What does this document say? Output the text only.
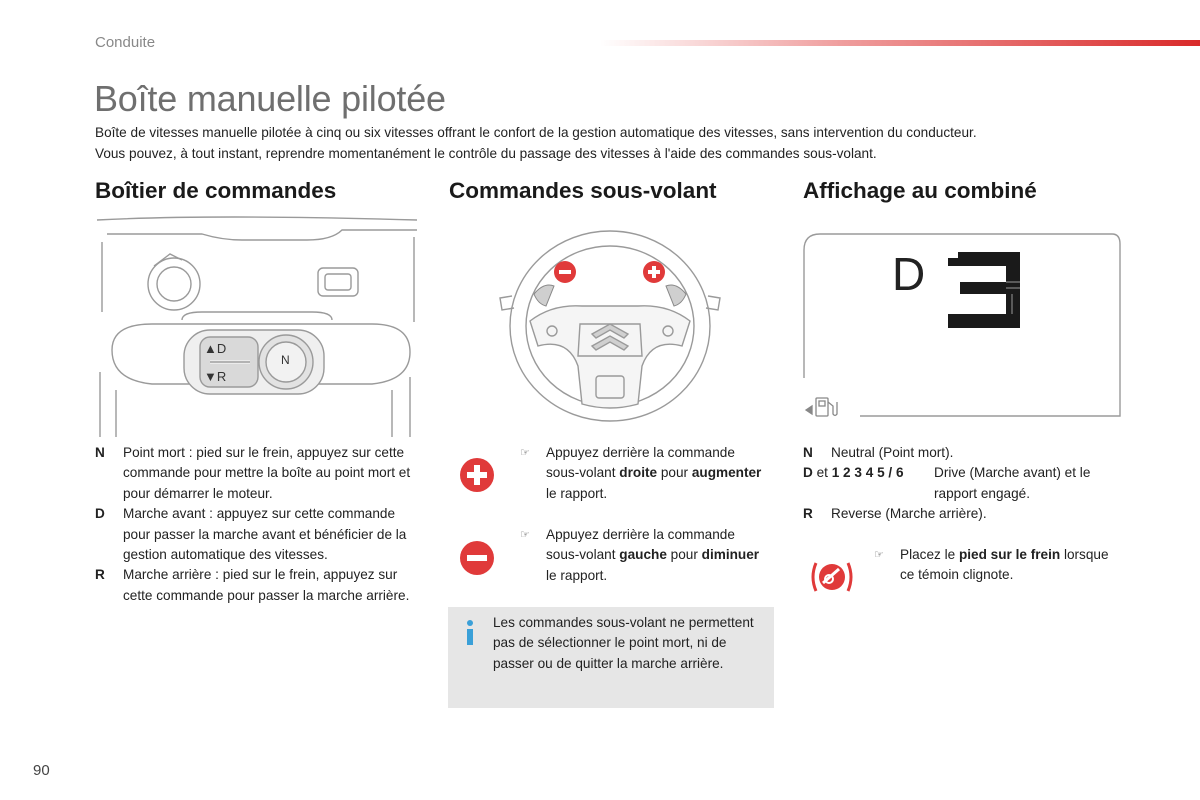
Conduite
Boîte manuelle pilotée

Boîte de vitesses manuelle pilotée à cinq ou six vitesses offrant le confort de la gestion automatique des vitesses, sans intervention du conducteur.

Vous pouvez, à tout instant, reprendre momentanément le contrôle du passage des vitesses à l'aide des commandes sous-volant.

Boîtier de commandes
▲D
▼R
N
N	Point mort : pied sur le frein, appuyez sur cette commande pour mettre la boîte au point mort et pour démarrer le moteur.
D	Marche avant : appuyez sur cette commande pour passer la marche avant et bénéficier de la gestion automatique des vitesses.
R	Marche arrière : pied sur le frein, appuyez sur cette commande pour passer la marche arrière.
Commandes sous-volant
☞ Appuyez derrière la commande sous-volant droite pour augmenter le rapport.
☞ Appuyez derrière la commande sous-volant gauche pour diminuer le rapport.
Les commandes sous-volant ne permettent pas de sélectionner le point mort, ni de passer ou de quitter la marche arrière.
Affichage au combiné
D
N Neutral (Point mort).
D et 1 2 3 4 5 / 6 Drive (Marche avant) et le rapport engagé.
R Reverse (Marche arrière).
☞ Placez le pied sur le frein lorsque ce témoin clignote.
90
